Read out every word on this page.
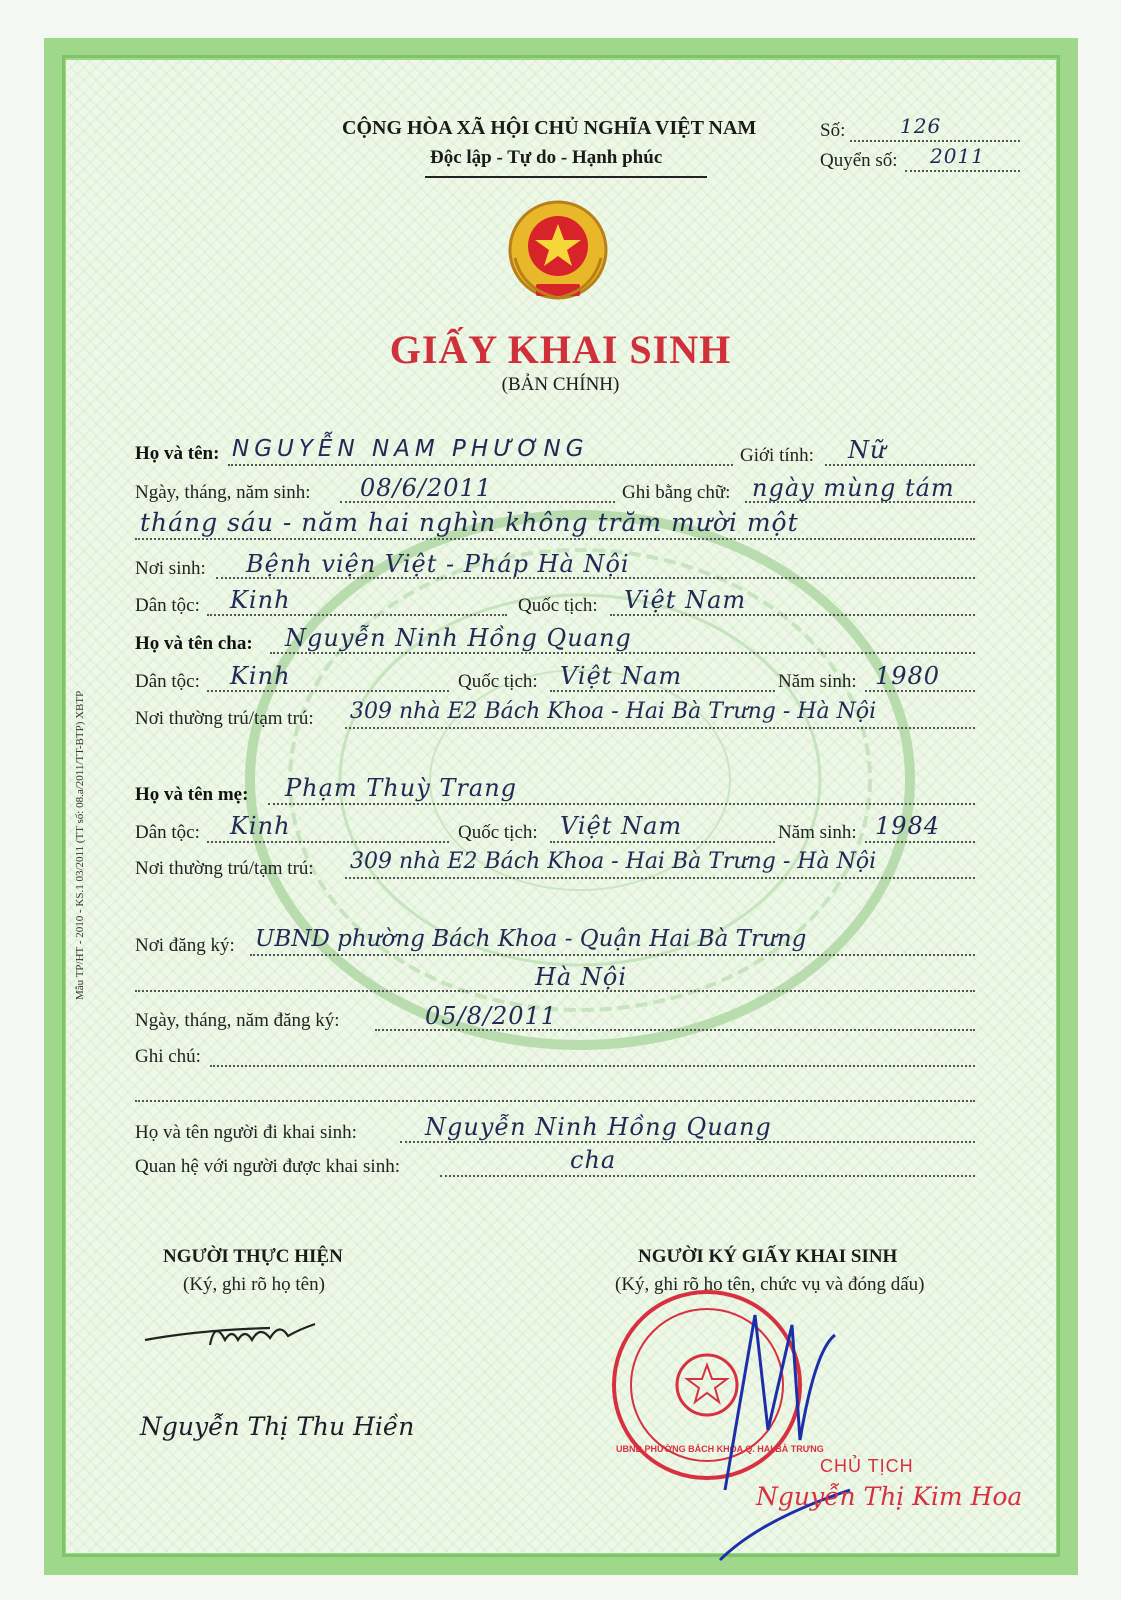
Mẫu TP/HT - 2010 - KS.1 03/2011 (TT số: 08.a/2011/TT-BTP) XBTP
CỘNG HÒA XÃ HỘI CHỦ NGHĨA VIỆT NAM
Độc lập - Tự do - Hạnh phúc
Số:	126
Quyển số: 2011
GIẤY KHAI SINH
(BẢN CHÍNH)
Họ và tên: NGUYỄN NAM PHƯƠNG	Giới tính: Nữ
Ngày, tháng, năm sinh: 08/6/2011	Ghi bằng chữ: ngày mùng tám
tháng sáu - năm hai nghìn không trăm mười một
Nơi sinh: Bệnh viện Việt - Pháp Hà Nội
Dân tộc: Kinh	Quốc tịch: Việt Nam
Họ và tên cha: Nguyễn Ninh Hồng Quang
Dân tộc: Kinh	Quốc tịch: Việt Nam	Năm sinh: 1980
Nơi thường trú/tạm trú: 309 nhà E2 Bách Khoa - Hai Bà Trưng - Hà Nội
Họ và tên mẹ: Phạm Thuỳ Trang
Dân tộc: Kinh	Quốc tịch: Việt Nam	Năm sinh: 1984
Nơi thường trú/tạm trú: 309 nhà E2 Bách Khoa - Hai Bà Trưng - Hà Nội
Nơi đăng ký: UBND phường Bách Khoa - Quận Hai Bà Trưng
Hà Nội
Ngày, tháng, năm đăng ký:	05/8/2011
Ghi chú:
Họ và tên người đi khai sinh:	Nguyễn Ninh Hồng Quang
Quan hệ với người được khai sinh:	cha
NGƯỜI THỰC HIỆN
(Ký, ghi rõ họ tên)
Nguyễn Thị Thu Hiền
NGƯỜI KÝ GIẤY KHAI SINH
(Ký, ghi rõ họ tên, chức vụ và đóng dấu)
UBND PHƯỜNG BÁCH KHOA Q. HAI BÀ TRƯNG
CHỦ TỊCH
Nguyễn Thị Kim Hoa
